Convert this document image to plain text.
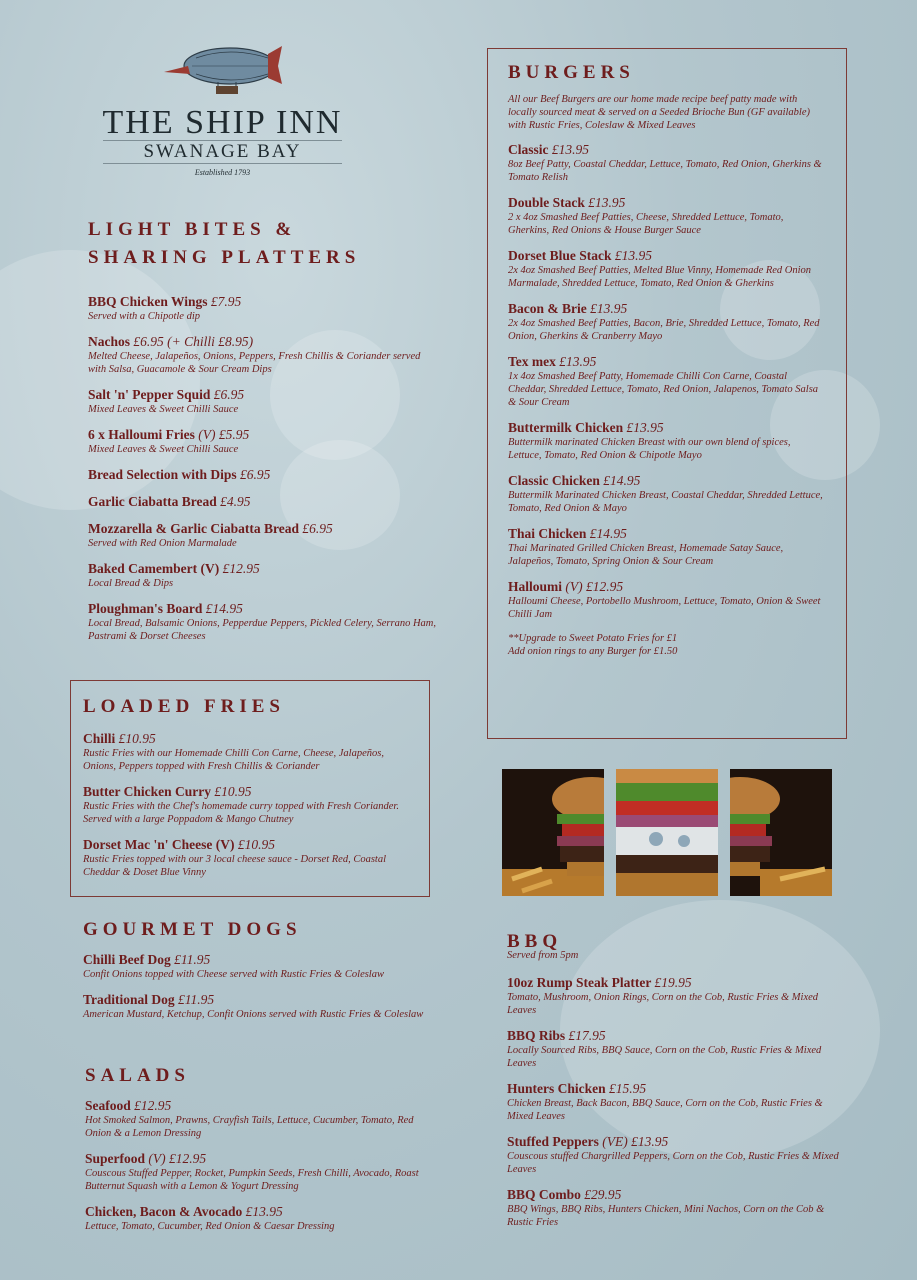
THE SHIP INN
SWANAGE BAY
Established 1793
LIGHT BITES &
SHARING PLATTERS
BBQ Chicken Wings £7.95
Served with a Chipotle dip
Nachos £6.95 (+ Chilli £8.95)
Melted Cheese, Jalapeños, Onions, Peppers, Fresh Chillis & Coriander served with Salsa, Guacamole & Sour Cream Dips
Salt 'n' Pepper Squid £6.95
Mixed Leaves & Sweet Chilli Sauce
6 x Halloumi Fries (V) £5.95
Mixed Leaves & Sweet Chilli Sauce
Bread Selection with Dips £6.95
Garlic Ciabatta Bread £4.95
Mozzarella & Garlic Ciabatta Bread £6.95
Served with Red Onion Marmalade
Baked Camembert (V) £12.95
Local Bread & Dips
Ploughman's Board £14.95
Local Bread, Balsamic Onions, Pepperdue Peppers, Pickled Celery, Serrano Ham, Pastrami & Dorset Cheeses
LOADED FRIES
Chilli £10.95
Rustic Fries with our Homemade Chilli Con Carne, Cheese, Jalapeños, Onions, Peppers topped with Fresh Chillis & Coriander
Butter Chicken Curry £10.95
Rustic Fries with the Chef's homemade curry topped with Fresh Coriander. Served with a large Poppadom & Mango Chutney
Dorset Mac 'n' Cheese (V) £10.95
Rustic Fries topped with our 3 local cheese sauce - Dorset Red, Coastal Cheddar & Doset Blue Vinny
GOURMET DOGS
Chilli Beef Dog £11.95
Confit Onions topped with Cheese served with Rustic Fries & Coleslaw
Traditional Dog £11.95
American Mustard, Ketchup, Confit Onions served with Rustic Fries & Coleslaw
SALADS
Seafood £12.95
Hot Smoked Salmon, Prawns, Crayfish Tails, Lettuce, Cucumber, Tomato, Red Onion & a Lemon Dressing
Superfood (V) £12.95
Couscous Stuffed Pepper, Rocket, Pumpkin Seeds, Fresh Chilli, Avocado, Roast Butternut Squash with a Lemon & Yogurt Dressing
Chicken, Bacon & Avocado £13.95
Lettuce, Tomato, Cucumber, Red Onion & Caesar Dressing
BURGERS
All our Beef Burgers are our home made recipe beef patty made with locally sourced meat & served on a Seeded Brioche Bun (GF available) with Rustic Fries, Coleslaw & Mixed Leaves
Classic £13.95
8oz Beef Patty, Coastal Cheddar, Lettuce, Tomato, Red Onion, Gherkins & Tomato Relish
Double Stack £13.95
2 x 4oz Smashed Beef Patties, Cheese, Shredded Lettuce, Tomato, Gherkins, Red Onions & House Burger Sauce
Dorset Blue Stack £13.95
2x 4oz Smashed Beef Patties, Melted Blue Vinny, Homemade Red Onion Marmalade, Shredded Lettuce, Tomato, Red Onion & Gherkins
Bacon & Brie £13.95
2x 4oz Smashed Beef Patties, Bacon, Brie, Shredded Lettuce, Tomato, Red Onion, Gherkins & Cranberry Mayo
Tex mex £13.95
1x 4oz Smashed Beef Patty, Homemade Chilli Con Carne, Coastal Cheddar, Shredded Lettuce, Tomato, Red Onion, Jalapenos, Tomato Salsa & Sour Cream
Buttermilk Chicken £13.95
Buttermilk marinated Chicken Breast with our own blend of spices, Lettuce, Tomato, Red Onion & Chipotle Mayo
Classic Chicken £14.95
Buttermilk Marinated Chicken Breast, Coastal Cheddar, Shredded Lettuce, Tomato, Red Onion & Mayo
Thai Chicken £14.95
Thai Marinated Grilled Chicken Breast, Homemade Satay Sauce, Jalapeños, Tomato, Spring Onion & Sour Cream
Halloumi (V) £12.95
Halloumi Cheese, Portobello Mushroom, Lettuce, Tomato, Onion & Sweet Chilli Jam
**Upgrade to Sweet Potato Fries for £1
Add onion rings to any Burger for £1.50
BBQ
Served from 5pm
10oz Rump Steak Platter £19.95
Tomato, Mushroom, Onion Rings, Corn on the Cob, Rustic Fries & Mixed Leaves
BBQ Ribs £17.95
Locally Sourced Ribs, BBQ Sauce, Corn on the Cob, Rustic Fries & Mixed Leaves
Hunters Chicken £15.95
Chicken Breast, Back Bacon, BBQ Sauce, Corn on the Cob, Rustic Fries & Mixed Leaves
Stuffed Peppers (VE) £13.95
Couscous stuffed Chargrilled Peppers, Corn on the Cob, Rustic Fries & Mixed Leaves
BBQ Combo £29.95
BBQ Wings, BBQ Ribs, Hunters Chicken, Mini Nachos, Corn on the Cob & Rustic Fries
